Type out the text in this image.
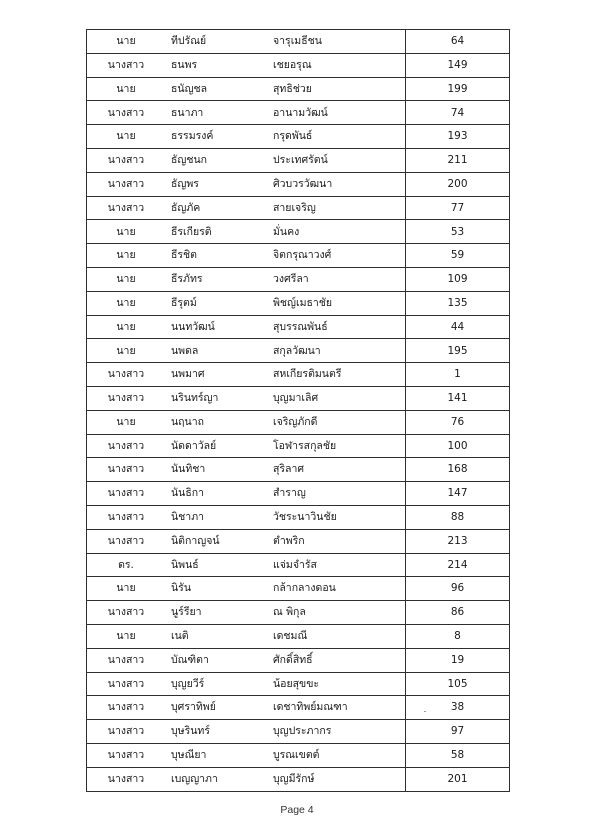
นาย	ทีปรัณย์	จารุเมธีชน	64
นางสาว	ธนพร	เชยอรุณ	149
นาย	ธนัญชล	สุทธิช่วย	199
นางสาว	ธนาภา	อานามวัฒน์	74
นาย	ธรรมรงค์	กรุดพันธ์	193
นางสาว	ธัญชนก	ประเทศรัตน์	211
นางสาว	ธัญพร	ศิวบวรวัฒนา	200
นางสาว	ธัญภัค	สายเจริญ	77
นาย	ธีรเกียรติ	มั่นคง	53
นาย	ธีรชิต	จิตกรุณาวงศ์	59
นาย	ธีรภัทร	วงศรีลา	109
นาย	ธีรุตม์	พิชญ์เมธาชัย	135
นาย	นนทวัฒน์	สุบรรณพันธ์	44
นาย	นพดล	สกุลวัฒนา	195
นางสาว	นพมาศ	สหเกียรติมนตรี	1
นางสาว	นรินทร์ญา	บุญมาเลิศ	141
นาย	นฤนาถ	เจริญภักดี	76
นางสาว	นัดดาวัลย์	โอฬารสกุลชัย	100
นางสาว	นันทิชา	สุริลาศ	168
นางสาว	นันธิกา	สำราญ	147
นางสาว	นิชาภา	วัชระนาวินชัย	88
นางสาว	นิติกาญจน์	ตำพริก	213
ดร.	นิพนธ์	แจ่มจำรัส	214
นาย	นิรัน	กล้ากลางดอน	96
นางสาว	นูร์รียา	ณ พิกุล	86
นาย	เนติ	เดชมณี	8
นางสาว	บัณฑิตา	ศักดิ์สิทธิ์	19
นางสาว	บุญยวีร์	น้อยสุขขะ	105
นางสาว	บุศราทิพย์	เดชาทิพย์มณฑา	38
นางสาว	บุษรินทร์	บุญประภากร	97
นางสาว	บุษณียา	บูรณเขตต์	58
นางสาว	เบญญาภา	บุญมีรักษ์	201
Page 4
